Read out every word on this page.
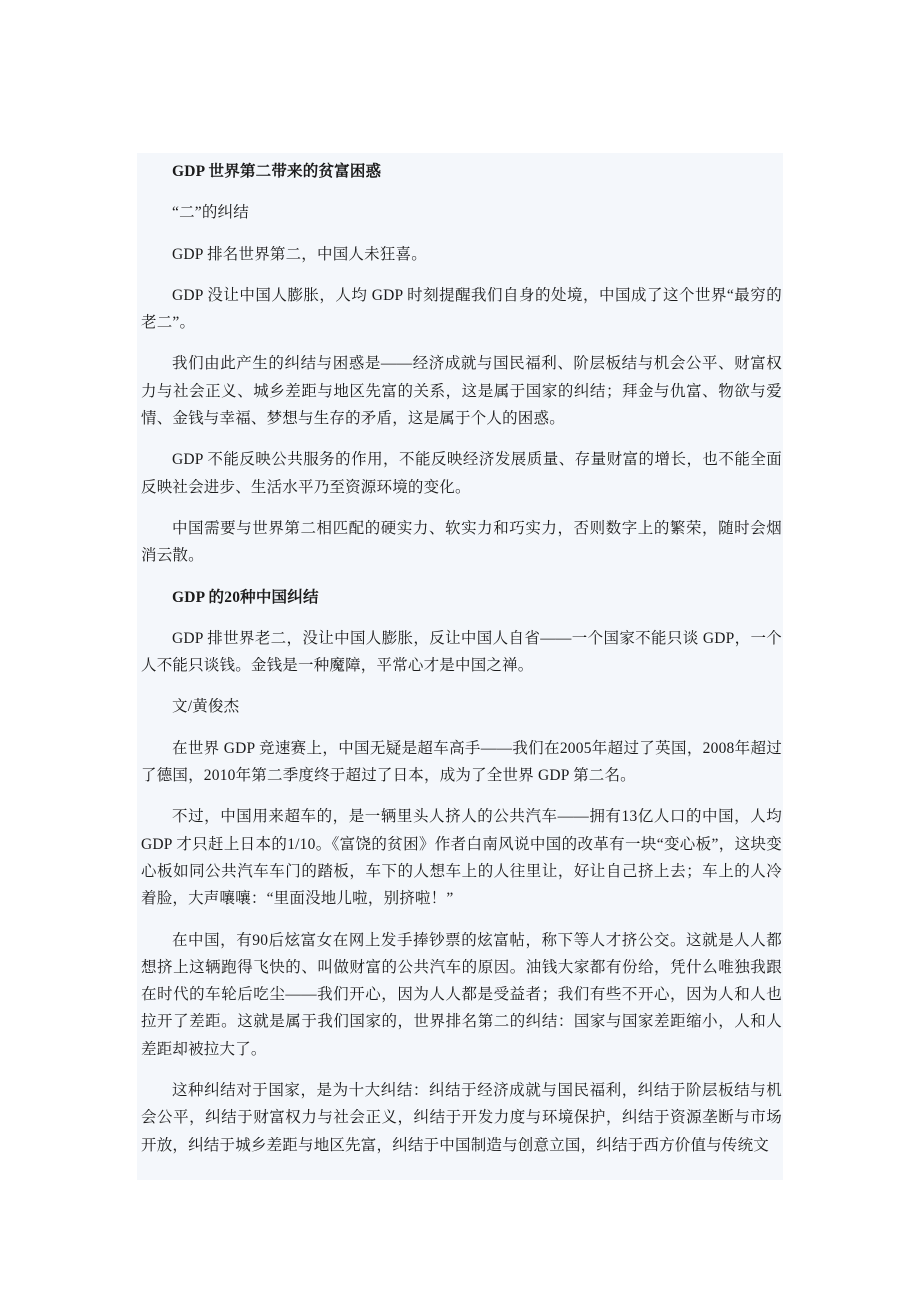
GDP 世界第二带来的贫富困惑

“二”的纠结

GDP 排名世界第二，中国人未狂喜。

GDP 没让中国人膨胀，人均 GDP 时刻提醒我们自身的处境，中国成了这个世界“最穷的老二”。

我们由此产生的纠结与困惑是——经济成就与国民福利、阶层板结与机会公平、财富权力与社会正义、城乡差距与地区先富的关系，这是属于国家的纠结；拜金与仇富、物欲与爱情、金钱与幸福、梦想与生存的矛盾，这是属于个人的困惑。

GDP 不能反映公共服务的作用，不能反映经济发展质量、存量财富的增长，也不能全面反映社会进步、生活水平乃至资源环境的变化。

中国需要与世界第二相匹配的硬实力、软实力和巧实力，否则数字上的繁荣，随时会烟消云散。

GDP 的20种中国纠结

GDP 排世界老二，没让中国人膨胀，反让中国人自省——一个国家不能只谈 GDP，一个人不能只谈钱。金钱是一种魔障，平常心才是中国之禅。

文/黄俊杰

在世界 GDP 竞速赛上，中国无疑是超车高手——我们在2005年超过了英国，2008年超过了德国，2010年第二季度终于超过了日本，成为了全世界 GDP 第二名。

不过，中国用来超车的，是一辆里头人挤人的公共汽车——拥有13亿人口的中国，人均 GDP 才只赶上日本的1/10。《富饶的贫困》作者白南风说中国的改革有一块“变心板”，这块变心板如同公共汽车车门的踏板，车下的人想车上的人往里让，好让自己挤上去；车上的人冷着脸，大声嚷嚷：“里面没地儿啦，别挤啦！”

在中国，有90后炫富女在网上发手捧钞票的炫富帖，称下等人才挤公交。这就是人人都想挤上这辆跑得飞快的、叫做财富的公共汽车的原因。油钱大家都有份给，凭什么唯独我跟在时代的车轮后吃尘——我们开心，因为人人都是受益者；我们有些不开心，因为人和人也拉开了差距。这就是属于我们国家的，世界排名第二的纠结：国家与国家差距缩小，人和人差距却被拉大了。

这种纠结对于国家，是为十大纠结：纠结于经济成就与国民福利，纠结于阶层板结与机会公平，纠结于财富权力与社会正义，纠结于开发力度与环境保护，纠结于资源垄断与市场开放，纠结于城乡差距与地区先富，纠结于中国制造与创意立国，纠结于西方价值与传统文
